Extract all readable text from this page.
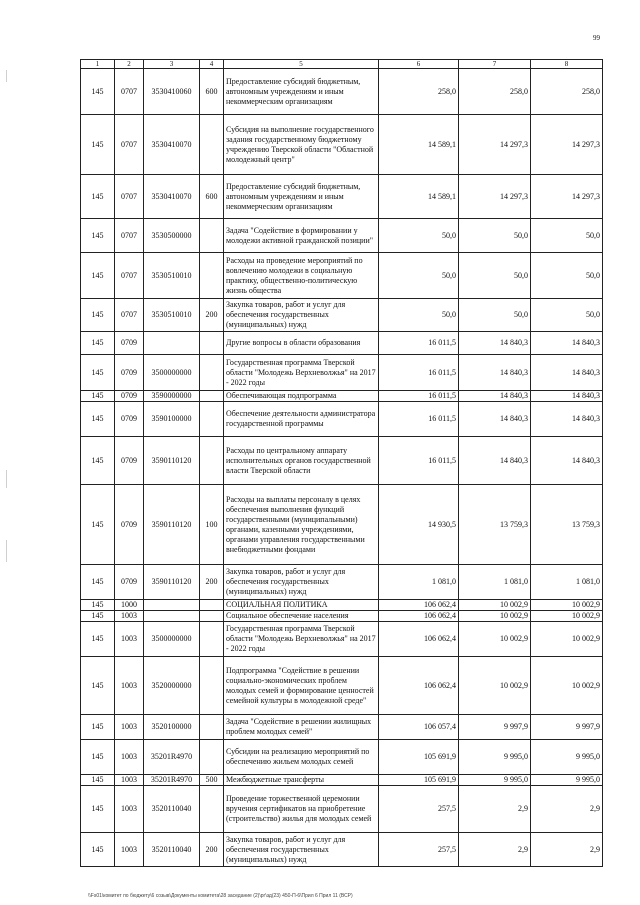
99
1	2	3	4	5	6	7	8
145	0707	3530410060	600	Предоставление субсидий бюджетным, автономным учреждениям и иным некоммерческим организациям	258,0	258,0	258,0
145	0707	3530410070		Субсидия на выполнение государственного задания государственному бюджетному учреждению Тверской области "Областной молодежный центр"	14 589,1	14 297,3	14 297,3
145	0707	3530410070	600	Предоставление субсидий бюджетным, автономным учреждениям и иным некоммерческим организациям	14 589,1	14 297,3	14 297,3
145	0707	3530500000		Задача "Содействие в формировании у молодежи активной гражданской позиции"	50,0	50,0	50,0
145	0707	3530510010		Расходы на проведение мероприятий по вовлечению молодежи в социальную практику, общественно-политическую жизнь общества	50,0	50,0	50,0
145	0707	3530510010	200	Закупка товаров, работ и услуг для обеспечения государственных (муниципальных) нужд	50,0	50,0	50,0
145	0709			Другие вопросы в области образования	16 011,5	14 840,3	14 840,3
145	0709	3500000000		Государственная программа Тверской области "Молодежь Верхневолжья" на 2017 - 2022 годы	16 011,5	14 840,3	14 840,3
145	0709	3590000000		Обеспечивающая подпрограмма	16 011,5	14 840,3	14 840,3
145	0709	3590100000		Обеспечение деятельности администратора государственной программы	16 011,5	14 840,3	14 840,3
145	0709	3590110120		Расходы по центральному аппарату исполнительных органов государственной власти Тверской области	16 011,5	14 840,3	14 840,3
145	0709	3590110120	100	Расходы на выплаты персоналу в целях обеспечения выполнения функций государственными (муниципальными) органами, казенными учреждениями, органами управления государственными внебюджетными фондами	14 930,5	13 759,3	13 759,3
145	0709	3590110120	200	Закупка товаров, работ и услуг для обеспечения государственных (муниципальных) нужд	1 081,0	1 081,0	1 081,0
145	1000			СОЦИАЛЬНАЯ ПОЛИТИКА	106 062,4	10 002,9	10 002,9
145	1003			Социальное обеспечение населения	106 062,4	10 002,9	10 002,9
145	1003	3500000000		Государственная программа Тверской области "Молодежь Верхневолжья" на 2017 - 2022 годы	106 062,4	10 002,9	10 002,9
145	1003	3520000000		Подпрограмма "Содействие в решении социально-экономических проблем молодых семей и формирование ценностей семейной культуры в молодежной среде"	106 062,4	10 002,9	10 002,9
145	1003	3520100000		Задача "Содействие в решении жилищных проблем молодых семей"	106 057,4	9 997,9	9 997,9
145	1003	35201R4970		Субсидии на реализацию мероприятий по обеспечению жильем молодых семей	105 691,9	9 995,0	9 995,0
145	1003	35201R4970	500	Межбюджетные трансферты	105 691,9	9 995,0	9 995,0
145	1003	3520110040		Проведение торжественной церемонии вручения сертификатов на приобретение (строительство) жилья для молодых семей	257,5	2,9	2,9
145	1003	3520110040	200	Закупка товаров, работ и услуг для обеспечения государственных (муниципальных) нужд	257,5	2,9	2,9
\\Fs01\комитет по бюджету\6 созыв\Документы комитета\28 заседание (2)\рг\зд(23) 450-П-6\Прил 6 Прил 11 (ВСР)
